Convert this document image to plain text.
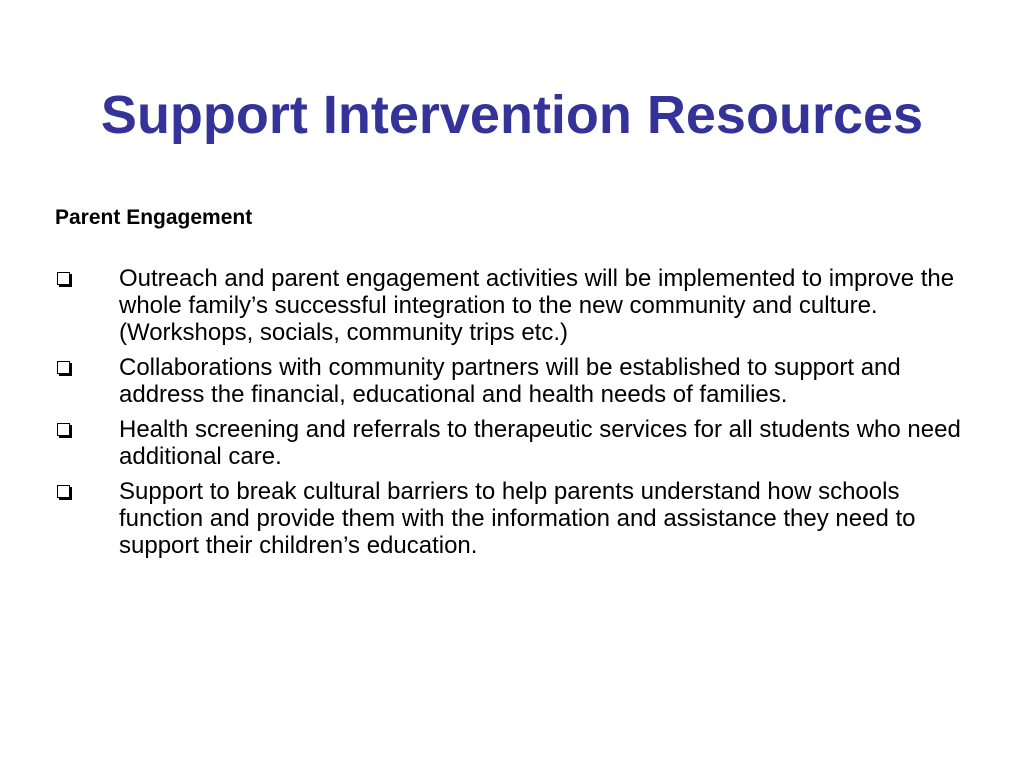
Support Intervention Resources
Parent Engagement
Outreach and parent engagement activities will be implemented to improve the whole family’s successful integration to the new community and culture. (Workshops, socials, community trips etc.)
Collaborations with community partners will be established to support and address the financial, educational and health needs of families.
Health screening and referrals to therapeutic services for all students who need additional care.
Support to break cultural barriers to help parents understand how schools function and provide them with the information and assistance they need to support their children’s education.
